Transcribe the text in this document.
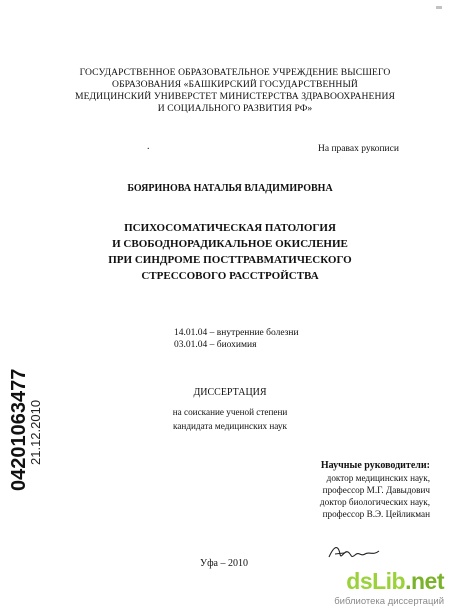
ГОСУДАРСТВЕННОЕ ОБРАЗОВАТЕЛЬНОЕ УЧРЕЖДЕНИЕ ВЫСШЕГО
ОБРАЗОВАНИЯ «БАШКИРСКИЙ ГОСУДАРСТВЕННЫЙ
МЕДИЦИНСКИЙ УНИВЕРСТЕТ МИНИСТЕРСТВА ЗДРАВООХРАНЕНИЯ
И СОЦИАЛЬНОГО РАЗВИТИЯ РФ»
.	На правах рукописи
БОЯРИНОВА НАТАЛЬЯ ВЛАДИМИРОВНА
ПСИХОСОМАТИЧЕСКАЯ ПАТОЛОГИЯ
И СВОБОДНОРАДИКАЛЬНОЕ ОКИСЛЕНИЕ
ПРИ СИНДРОМЕ ПОСТТРАВМАТИЧЕСКОГО
СТРЕССОВОГО РАССТРОЙСТВА
14.01.04 – внутренние болезни
03.01.04 – биохимия
ДИССЕРТАЦИЯ
на соискание ученой степени
кандидата медицинских наук
Научные руководители:
доктор медицинских наук,
профессор М.Г. Давыдович
доктор биологических наук,
профессор В.Э. Цейликман
Уфа – 2010
04201063477
21.12.2010
dsLib.net
библиотека диссертаций
